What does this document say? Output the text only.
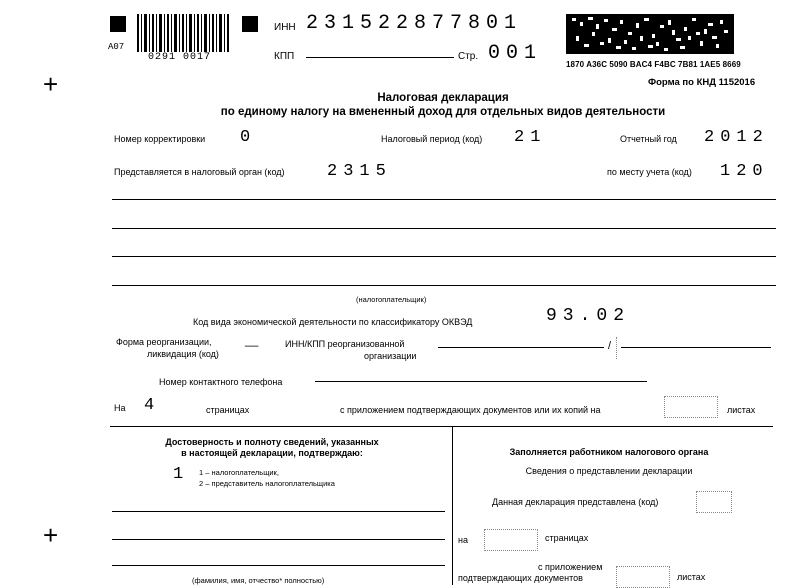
А07
0291 0017
ИНН 231522877801
КПП	Стр. 001	1870 A36C 5090 BAC4 F4BC 7B81 1AE5 8669
Форма по КНД 1152016
+
+
Налоговая декларация
по единому налогу на вмененный доход для отдельных видов деятельности
Номер корректировки 0	Налоговый период (код) 21	Отчетный год 2012
Представляется в налоговый орган (код) 2315	по месту учета (код) 120
(налогоплательщик)
Код вида экономической деятельности по классификатору ОКВЭД	93.02
Форма реорганизации,
ликвидация (код)
__	ИНН/КПП реорганизованной
организации
/
Номер контактного телефона
На 4	страницах	с приложением подтверждающих документов или их копий на	листах
Достоверность и полноту сведений, указанных
в настоящей декларации, подтверждаю:
1 1 – налогоплательщик,
2 – представитель налогоплательщика
(фамилия, имя, отчество* полностью)
Заполняется работником налогового органа
Сведения о представлении декларации
Данная декларация представлена (код)
на	страницах
с приложением
подтверждающих документов	листах
